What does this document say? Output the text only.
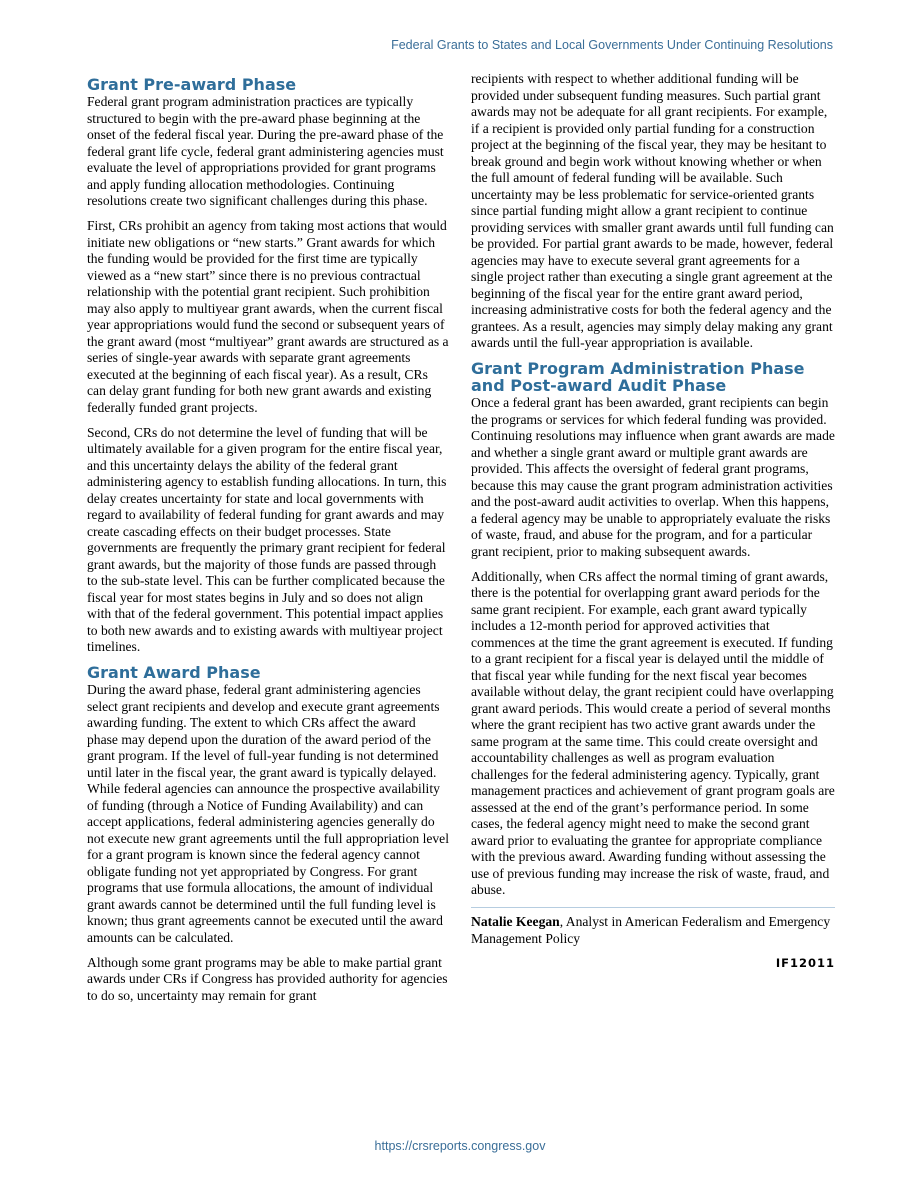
Federal Grants to States and Local Governments Under Continuing Resolutions
Grant Pre-award Phase

Federal grant program administration practices are typically structured to begin with the pre-award phase beginning at the onset of the federal fiscal year. During the pre-award phase of the federal grant life cycle, federal grant administering agencies must evaluate the level of appropriations provided for grant programs and apply funding allocation methodologies. Continuing resolutions create two significant challenges during this phase.

First, CRs prohibit an agency from taking most actions that would initiate new obligations or “new starts.” Grant awards for which the funding would be provided for the first time are typically viewed as a “new start” since there is no previous contractual relationship with the potential grant recipient. Such prohibition may also apply to multiyear grant awards, when the current fiscal year appropriations would fund the second or subsequent years of the grant award (most “multiyear” grant awards are structured as a series of single-year awards with separate grant agreements executed at the beginning of each fiscal year). As a result, CRs can delay grant funding for both new grant awards and existing federally funded grant projects.

Second, CRs do not determine the level of funding that will be ultimately available for a given program for the entire fiscal year, and this uncertainty delays the ability of the federal grant administering agency to establish funding allocations. In turn, this delay creates uncertainty for state and local governments with regard to availability of federal funding for grant awards and may create cascading effects on their budget processes. State governments are frequently the primary grant recipient for federal grant awards, but the majority of those funds are passed through to the sub-state level. This can be further complicated because the fiscal year for most states begins in July and so does not align with that of the federal government. This potential impact applies to both new awards and to existing awards with multiyear project timelines.

Grant Award Phase

During the award phase, federal grant administering agencies select grant recipients and develop and execute grant agreements awarding funding. The extent to which CRs affect the award phase may depend upon the duration of the award period of the grant program. If the level of full-year funding is not determined until later in the fiscal year, the grant award is typically delayed. While federal agencies can announce the prospective availability of funding (through a Notice of Funding Availability) and can accept applications, federal administering agencies generally do not execute new grant agreements until the full appropriation level for a grant program is known since the federal agency cannot obligate funding not yet appropriated by Congress. For grant programs that use formula allocations, the amount of individual grant awards cannot be determined until the full funding level is known; thus grant agreements cannot be executed until the award amounts can be calculated.

Although some grant programs may be able to make partial grant awards under CRs if Congress has provided authority for agencies to do so, uncertainty may remain for grant

recipients with respect to whether additional funding will be provided under subsequent funding measures. Such partial grant awards may not be adequate for all grant recipients. For example, if a recipient is provided only partial funding for a construction project at the beginning of the fiscal year, they may be hesitant to break ground and begin work without knowing whether or when the full amount of federal funding will be available. Such uncertainty may be less problematic for service-oriented grants since partial funding might allow a grant recipient to continue providing services with smaller grant awards until full funding can be provided. For partial grant awards to be made, however, federal agencies may have to execute several grant agreements for a single project rather than executing a single grant agreement at the beginning of the fiscal year for the entire grant award period, increasing administrative costs for both the federal agency and the grantees. As a result, agencies may simply delay making any grant awards until the full-year appropriation is available.

Grant Program Administration Phase and Post-award Audit Phase

Once a federal grant has been awarded, grant recipients can begin the programs or services for which federal funding was provided. Continuing resolutions may influence when grant awards are made and whether a single grant award or multiple grant awards are provided. This affects the oversight of federal grant programs, because this may cause the grant program administration activities and the post-award audit activities to overlap. When this happens, a federal agency may be unable to appropriately evaluate the risks of waste, fraud, and abuse for the program, and for a particular grant recipient, prior to making subsequent awards.

Additionally, when CRs affect the normal timing of grant awards, there is the potential for overlapping grant award periods for the same grant recipient. For example, each grant award typically includes a 12-month period for approved activities that commences at the time the grant agreement is executed. If funding to a grant recipient for a fiscal year is delayed until the middle of that fiscal year while funding for the next fiscal year becomes available without delay, the grant recipient could have overlapping grant award periods. This would create a period of several months where the grant recipient has two active grant awards under the same program at the same time. This could create oversight and accountability challenges as well as program evaluation challenges for the federal administering agency. Typically, grant management practices and achievement of grant program goals are assessed at the end of the grant’s performance period. In some cases, the federal agency might need to make the second grant award prior to evaluating the grantee for appropriate compliance with the previous award. Awarding funding without assessing the use of previous funding may increase the risk of waste, fraud, and abuse.

Natalie Keegan, Analyst in American Federalism and Emergency Management Policy
IF12011
https://crsreports.congress.gov
